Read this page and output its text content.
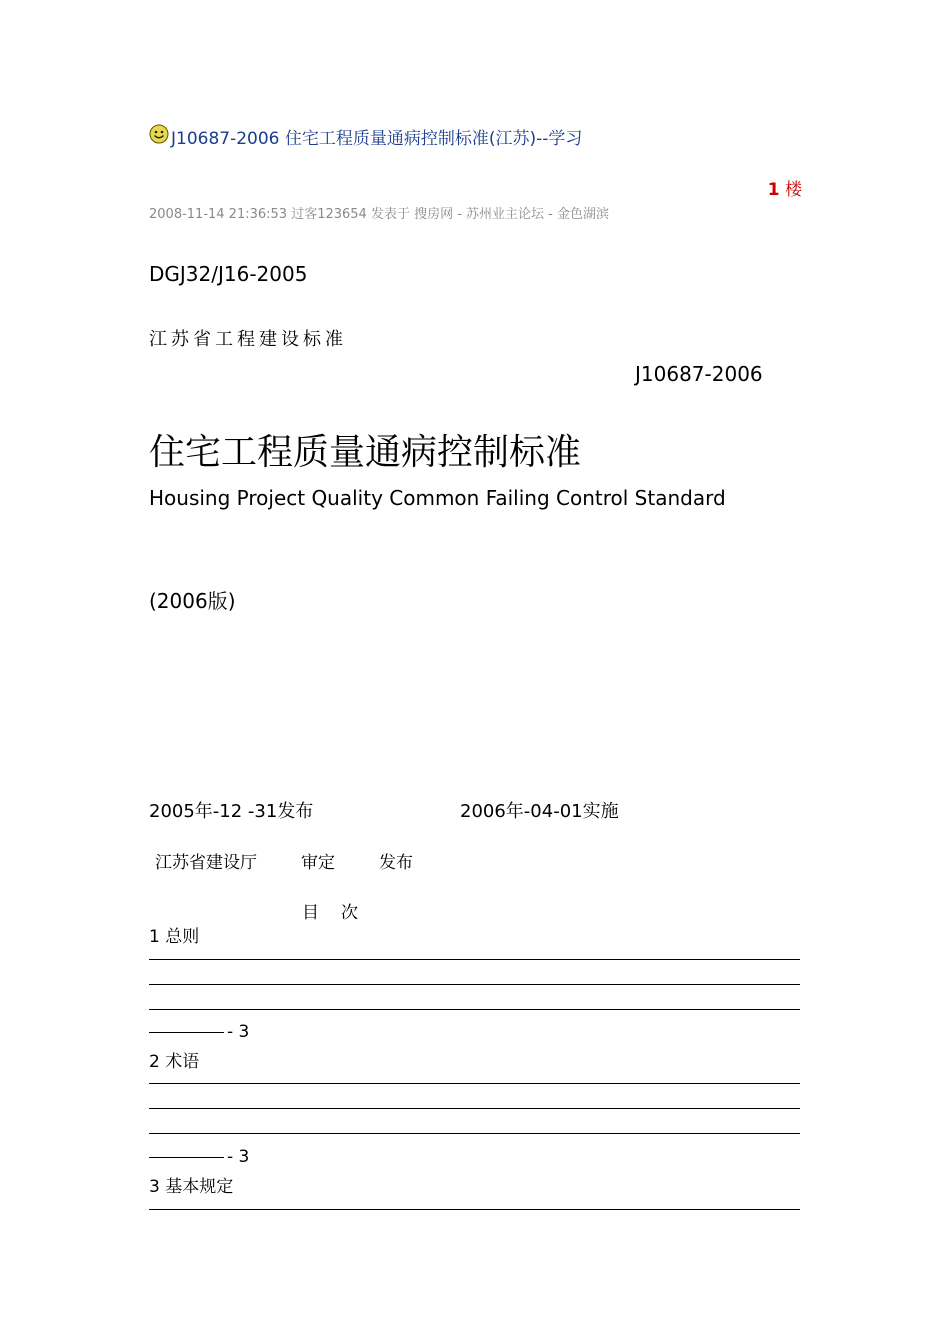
J10687-2006 住宅工程质量通病控制标准(江苏)--学习
1 楼
2008-11-14 21:36:53 过客123654 发表于 搜房网 - 苏州业主论坛 - 金色湖滨
DGJ32/J16-2005
江苏省工程建设标准
J10687-2006
住宅工程质量通病控制标准
Housing Project Quality Common Failing Control Standard
(2006版)
2005年-12 -31发布	2006年-04-01实施
江苏省建设厅	审定	发布
目 次
1 总则
- 3
2 术语
- 3
3 基本规定
